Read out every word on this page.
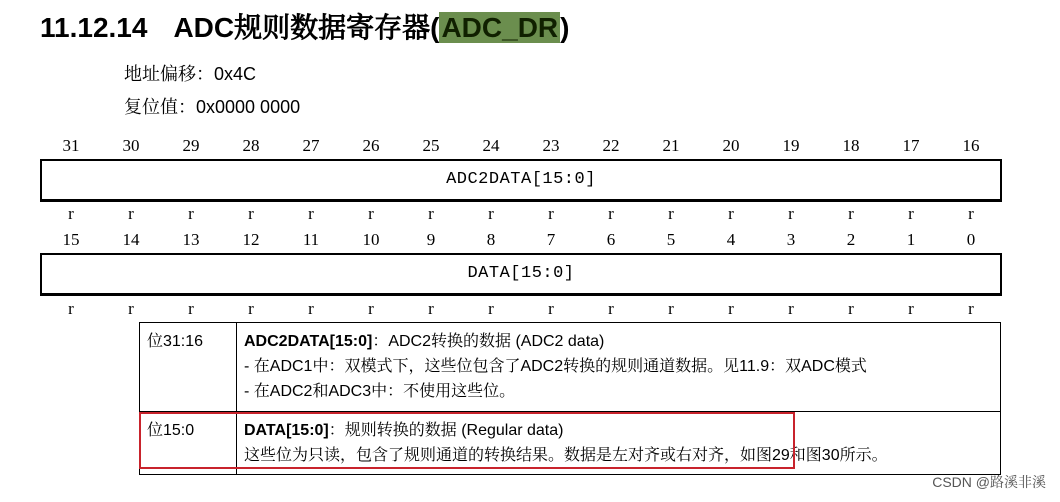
11.12.14 ADC规则数据寄存器(ADC_DR)
地址偏移：0x4C
复位值：0x0000 0000
31	30	29	28	27	26	25	24	23	22	21	20	19	18	17	16
ADC2DATA[15:0]
r	r	r	r	r	r	r	r	r	r	r	r	r	r	r	r
15	14	13	12	11	10	9	8	7	6	5	4	3	2	1	0
DATA[15:0]
r	r	r	r	r	r	r	r	r	r	r	r	r	r	r	r
位31:16	ADC2DATA[15:0]：ADC2转换的数据 (ADC2 data)
- 在ADC1中：双模式下，这些位包含了ADC2转换的规则通道数据。见11.9：双ADC模式
- 在ADC2和ADC3中：不使用这些位。
位15:0	DATA[15:0]：规则转换的数据 (Regular data)
这些位为只读，包含了规则通道的转换结果。数据是左对齐或右对齐，如图29和图30所示。
CSDN @路溪非溪
